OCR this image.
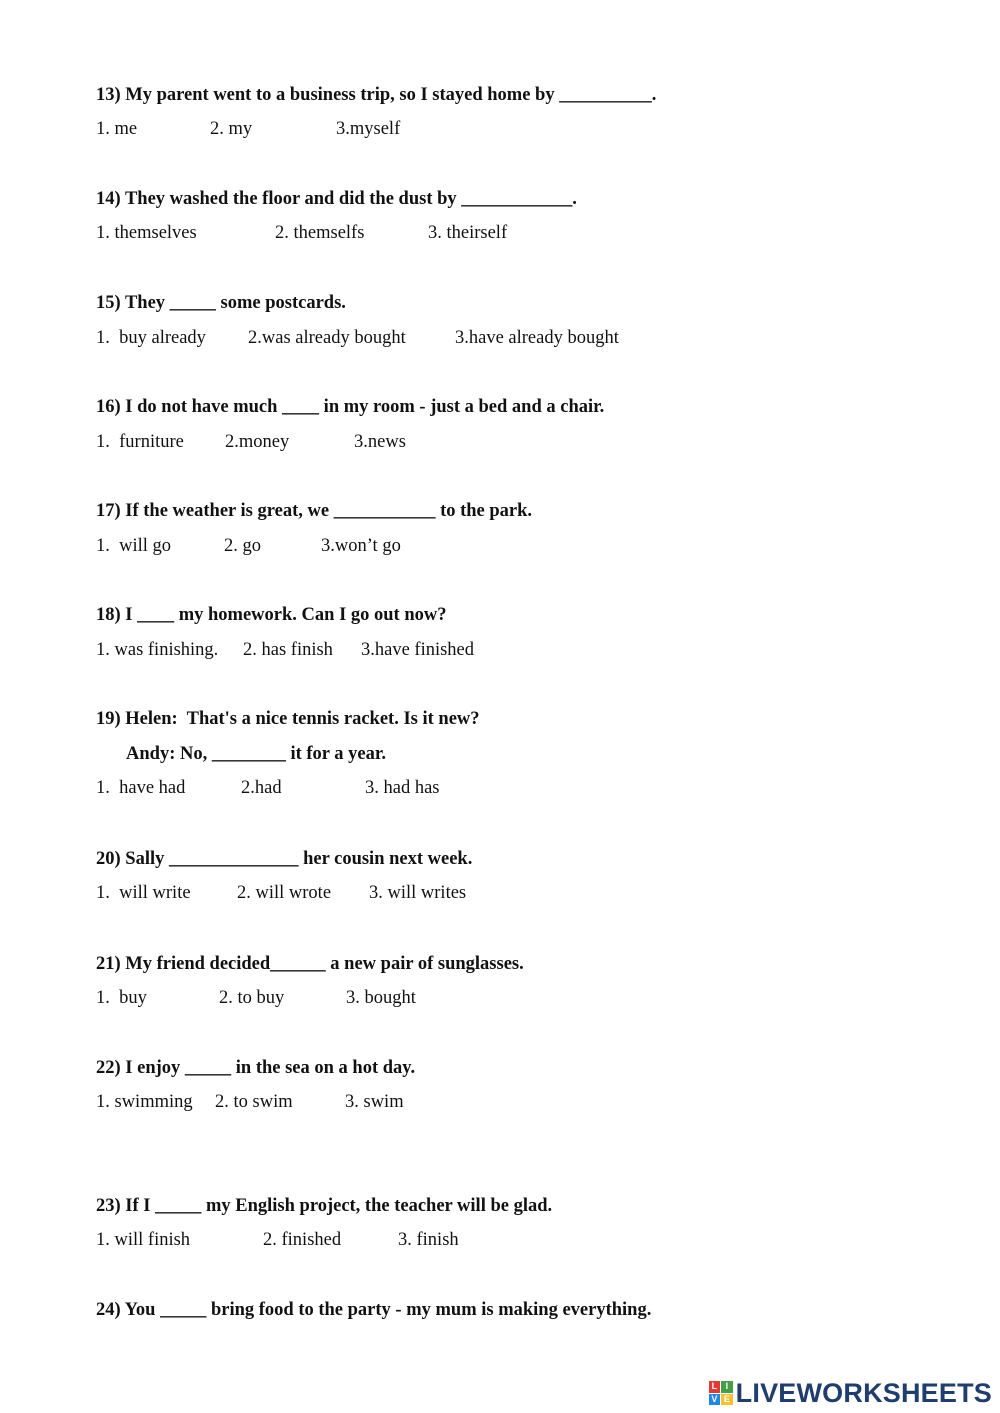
13) My parent went to a business trip, so I stayed home by __________.

1. me

	2. my

	3.myself

14) They washed the floor and did the dust by ____________.

1. themselves

	2. themselfs

	3. theirself

15) They _____ some postcards.

1.  buy already

2.was already bought

	3.have already bought

16) I do not have much ____ in my room - just a bed and a chair.

1.  furniture

2.money

	3.news

17) If the weather is great, we ___________ to the park.

1.  will go

	2. go

	3.won’t go

18) I ____ my homework. Can I go out now?

1. was finishing.

2. has finish

3.have finished

19) Helen:  That's a nice tennis racket. Is it new?
Andy: No, ________ it for a year.

1.  have had

	2.had

	3. had has

20) Sally ______________ her cousin next week.

1.  will write

	2. will wrote

3. will writes

21) My friend decided______ a new pair of sunglasses.

1.  buy

	2. to buy

	3. bought

22) I enjoy _____ in the sea on a hot day.

1. swimming

2. to swim

	3. swim

23) If I _____ my English project, the teacher will be glad.

1. will finish

	2. finished

	3. finish

24) You _____ bring food to the party - my mum is making everything.
L I
V E LIVEWORKSHEETS
